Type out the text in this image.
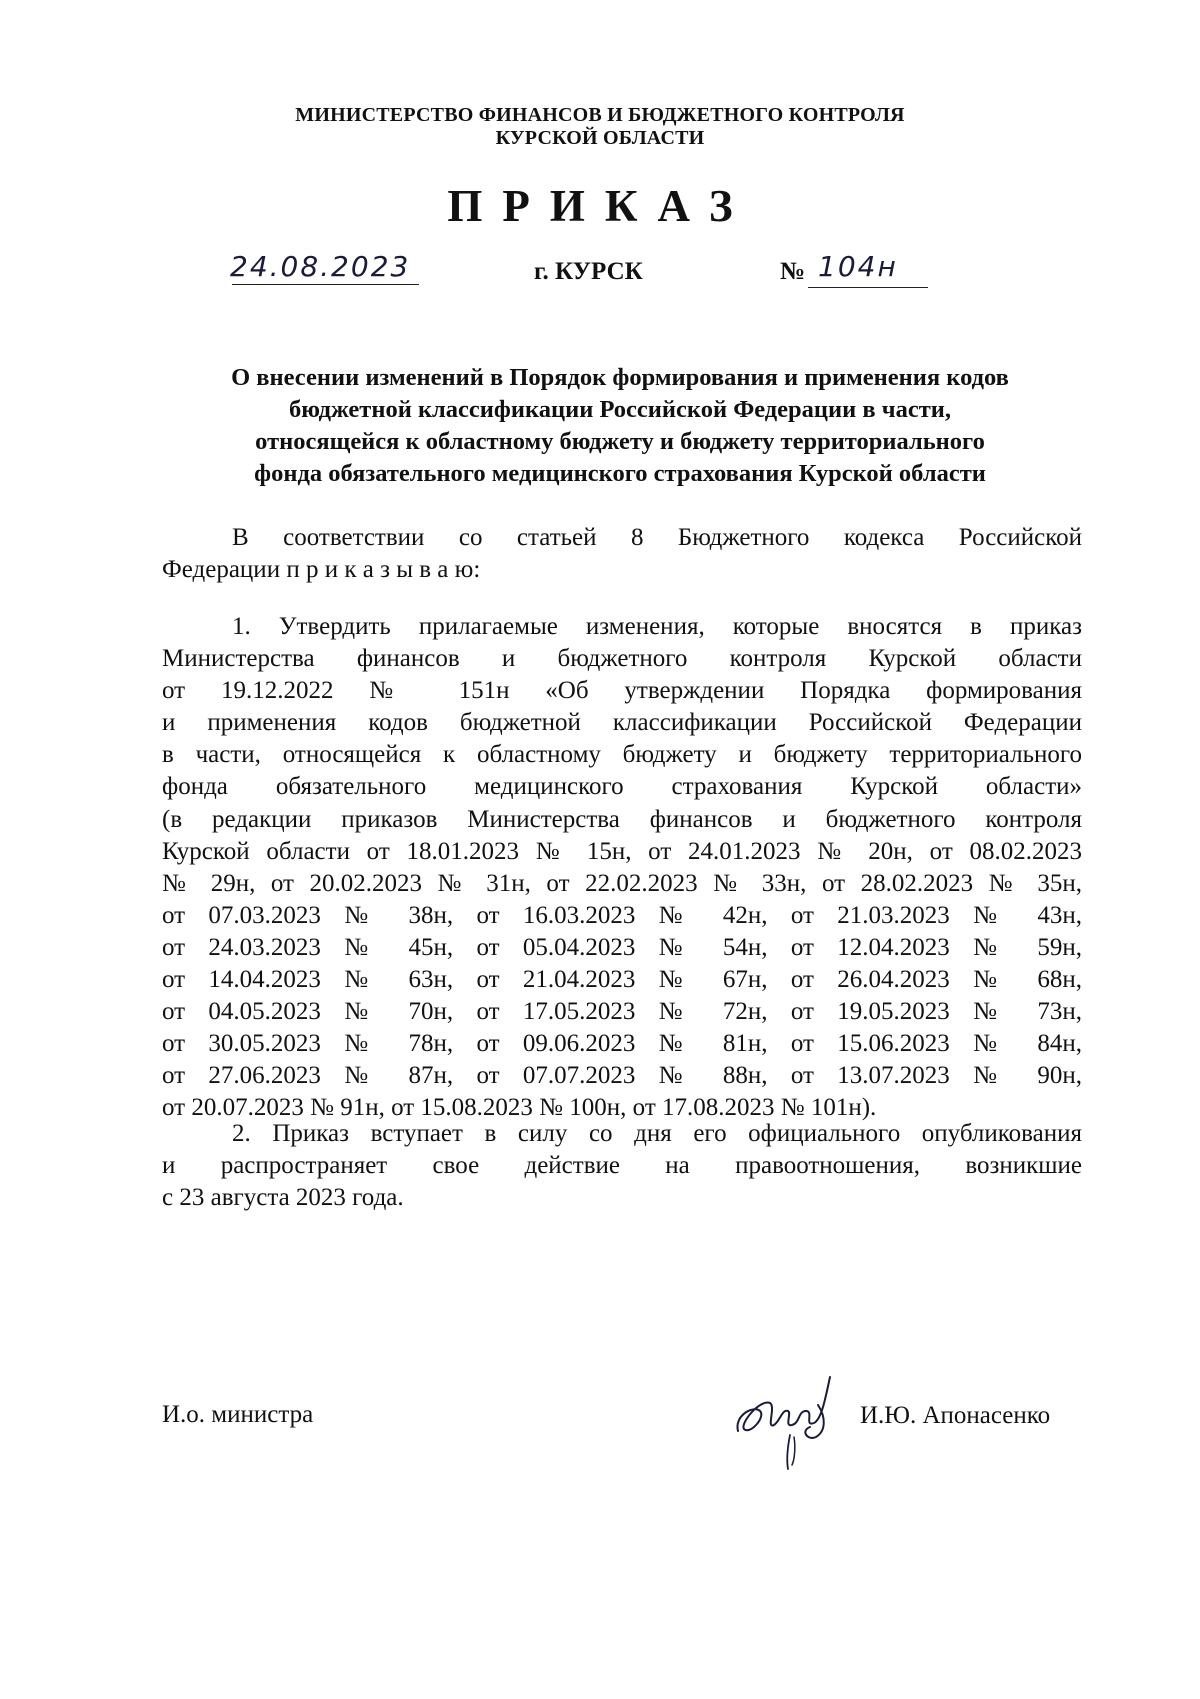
МИНИСТЕРСТВО ФИНАНСОВ И БЮДЖЕТНОГО КОНТРОЛЯ
КУРСКОЙ ОБЛАСТИ
ПРИКАЗ
24.08.2023	г. КУРСК	№ 104н
О внесении изменений в Порядок формирования и применения кодов
бюджетной классификации Российской Федерации в части,
относящейся к областному бюджету и бюджету территориального
фонда обязательного медицинского страхования Курской области
В соответствии со статьей 8 Бюджетного кодекса Российской
Федерации п р и к а з ы в а ю:
1. Утвердить прилагаемые изменения, которые вносятся в приказ
Министерства финансов и бюджетного контроля Курской области
от 19.12.2022 № 151н «Об утверждении Порядка формирования
и применения кодов бюджетной классификации Российской Федерации
в части, относящейся к областному бюджету и бюджету территориального
фонда обязательного медицинского страхования Курской области»
(в редакции приказов Министерства финансов и бюджетного контроля
Курской области от 18.01.2023 № 15н, от 24.01.2023 № 20н, от 08.02.2023
№ 29н, от 20.02.2023 № 31н, от 22.02.2023 № 33н, от 28.02.2023 № 35н,
от 07.03.2023 № 38н, от 16.03.2023 № 42н, от 21.03.2023 № 43н,
от 24.03.2023 № 45н, от 05.04.2023 № 54н, от 12.04.2023 № 59н,
от 14.04.2023 № 63н, от 21.04.2023 № 67н, от 26.04.2023 № 68н,
от 04.05.2023 № 70н, от 17.05.2023 № 72н, от 19.05.2023 № 73н,
от 30.05.2023 № 78н, от 09.06.2023 № 81н, от 15.06.2023 № 84н,
от 27.06.2023 № 87н, от 07.07.2023 № 88н, от 13.07.2023 № 90н,
от 20.07.2023 № 91н, от 15.08.2023 № 100н, от 17.08.2023 № 101н).
2. Приказ вступает в силу со дня его официального опубликования
и распространяет свое действие на правоотношения, возникшие
с 23 августа 2023 года.
И.о. министра	И.Ю. Апонасенко
